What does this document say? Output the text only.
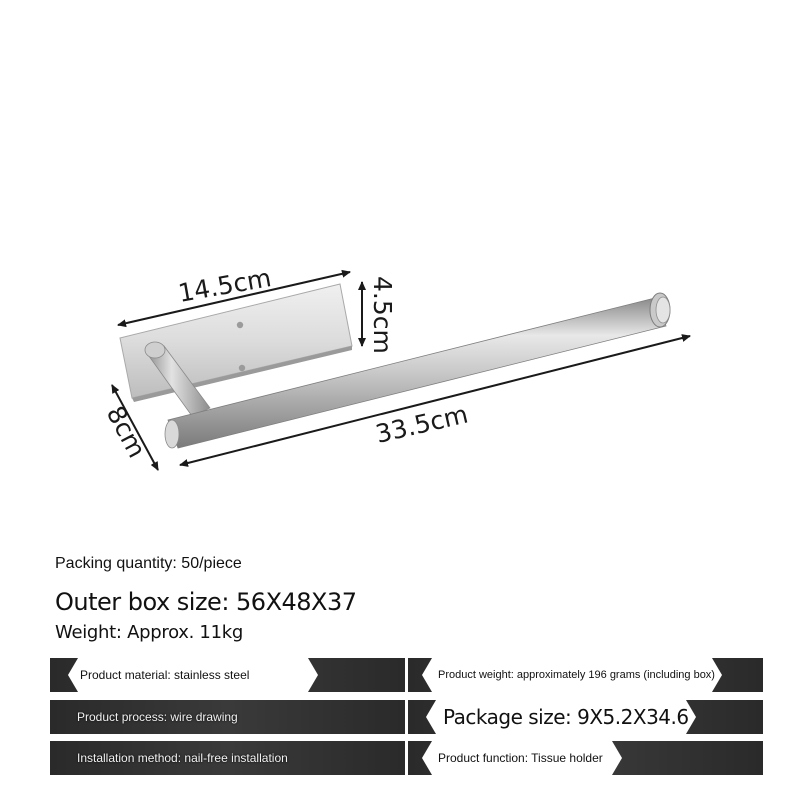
14.5cm	4.5cm
33.5cm
8cm
Packing quantity: 50/piece
Outer box size: 56X48X37
Weight: Approx. 11kg
Product material: stainless steel	Product weight: approximately 196 grams (including box)
Product process: wire drawing	Package size: 9X5.2X34.6
Installation method: nail-free installation	Product function: Tissue holder
